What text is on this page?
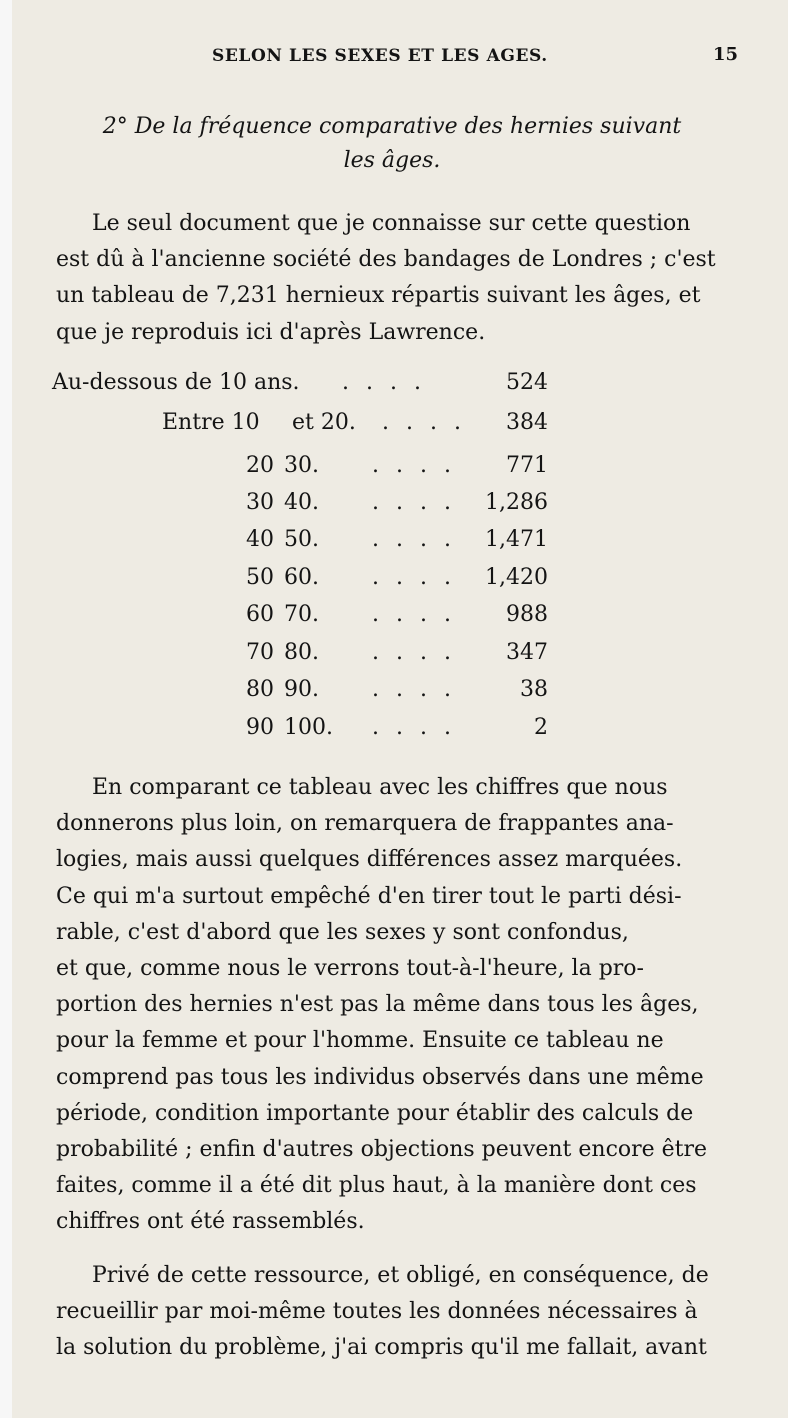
SELON LES SEXES ET LES AGES.	15
2° De la fréquence comparative des hernies suivant
les âges.
Le seul document que je connaisse sur cette question
est dû à l'ancienne société des bandages de Londres ; c'est
un tableau de 7,231 hernieux répartis suivant les âges, et
que je reproduis ici d'après Lawrence.
Au-dessous de 10 ans. . . . .	524
Entre 10 et 20. . . . . 384
20 30. . . . . 771
30 40. . . . . 1,286
40 50. . . . . 1,471
50 60. . . . . 1,420
60 70. . . . . 988
70 80. . . . . 347
80 90. . . . .	38
90 100. . . . .	2
En comparant ce tableau avec les chiffres que nous
donnerons plus loin, on remarquera de frappantes ana-
logies, mais aussi quelques différences assez marquées.
Ce qui m'a surtout empêché d'en tirer tout le parti dési-
rable, c'est d'abord que les sexes y sont confondus,
et que, comme nous le verrons tout-à-l'heure, la pro-
portion des hernies n'est pas la même dans tous les âges,
pour la femme et pour l'homme. Ensuite ce tableau ne
comprend pas tous les individus observés dans une même
période, condition importante pour établir des calculs de
probabilité ; enfin d'autres objections peuvent encore être
faites, comme il a été dit plus haut, à la manière dont ces
chiffres ont été rassemblés.
Privé de cette ressource, et obligé, en conséquence, de
recueillir par moi-même toutes les données nécessaires à
la solution du problème, j'ai compris qu'il me fallait, avant
